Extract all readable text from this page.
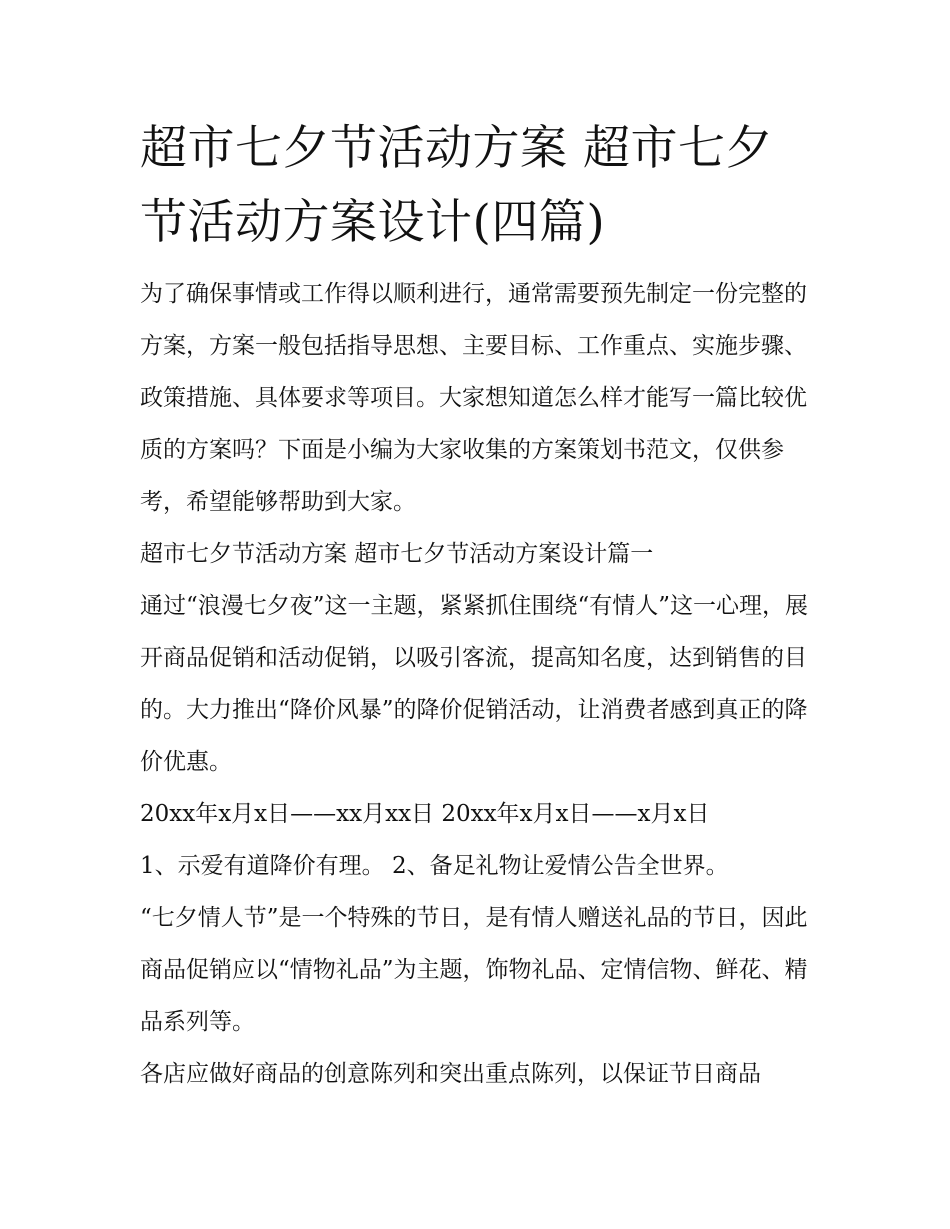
超市七夕节活动方案 超市七夕节活动方案设计(四篇)

为了确保事情或工作得以顺利进行，通常需要预先制定一份完整的方案，方案一般包括指导思想、主要目标、工作重点、实施步骤、政策措施、具体要求等项目。大家想知道怎么样才能写一篇比较优质的方案吗？下面是小编为大家收集的方案策划书范文，仅供参考，希望能够帮助到大家。

超市七夕节活动方案 超市七夕节活动方案设计篇一

通过“浪漫七夕夜”这一主题，紧紧抓住围绕“有情人”这一心理，展开商品促销和活动促销，以吸引客流，提高知名度，达到销售的目的。大力推出“降价风暴”的降价促销活动，让消费者感到真正的降价优惠。

20xx年x月x日——xx月xx日 20xx年x月x日——x月x日

1、示爱有道降价有理。 2、备足礼物让爱情公告全世界。

“七夕情人节”是一个特殊的节日，是有情人赠送礼品的节日，因此商品促销应以“情物礼品”为主题，饰物礼品、定情信物、鲜花、精品系列等。

各店应做好商品的创意陈列和突出重点陈列，以保证节日商品
